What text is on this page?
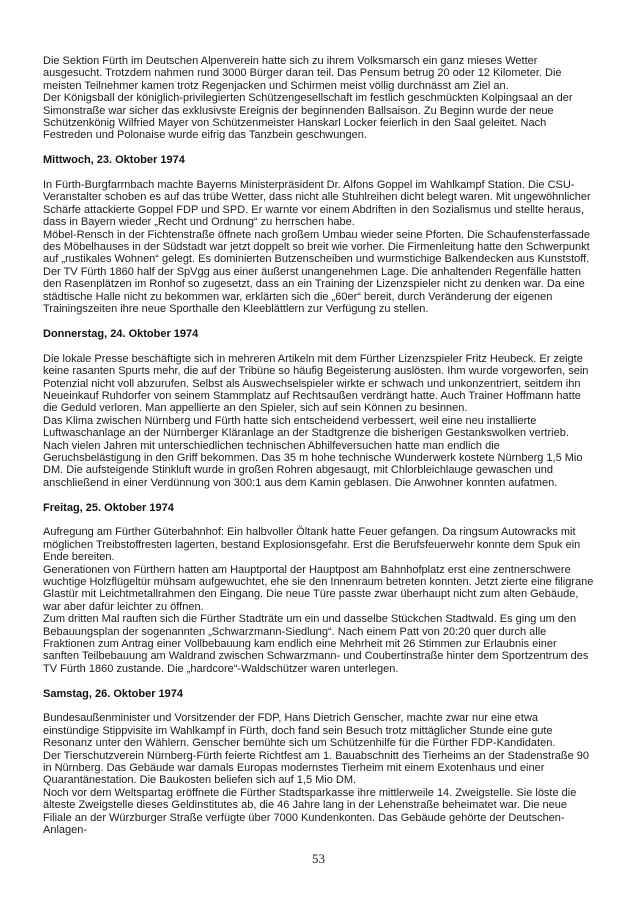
Die Sektion Fürth im Deutschen Alpenverein hatte sich zu ihrem Volksmarsch ein ganz mieses Wetter ausgesucht. Trotzdem nahmen rund 3000 Bürger daran teil. Das Pensum betrug 20 oder 12 Kilometer. Die meisten Teilnehmer kamen trotz Regenjacken und Schirmen meist völlig durchnässt am Ziel an.

Der Königsball der königlich-privilegierten Schützengesellschaft im festlich geschmückten Kolpingsaal an der Simonstraße war sicher das exklusivste Ereignis der beginnenden Ballsaison. Zu Beginn wurde der neue Schützenkönig Wilfried Mayer von Schützenmeister Hanskarl Locker feierlich in den Saal geleitet. Nach Festreden und Polonaise wurde eifrig das Tanzbein geschwungen.

Mittwoch, 23. Oktober 1974

In Fürth-Burgfarrnbach machte Bayerns Ministerpräsident Dr. Alfons Goppel im Wahlkampf Station. Die CSU-Veranstalter schoben es auf das trübe Wetter, dass nicht alle Stuhlreihen dicht belegt waren. Mit ungewöhnlicher Schärfe attackierte Goppel FDP und SPD. Er warnte vor einem Abdriften in den Sozialismus und stellte heraus, dass in Bayern wieder „Recht und Ordnung“ zu herrschen habe.

Möbel-Rensch in der Fichtenstraße öffnete nach großem Umbau wieder seine Pforten. Die Schaufensterfassade des Möbelhauses in der Südstadt war jetzt doppelt so breit wie vorher. Die Firmenleitung hatte den Schwerpunkt auf „rustikales Wohnen“ gelegt. Es dominierten Butzenscheiben und wurmstichige Balkendecken aus Kunststoff.

Der TV Fürth 1860 half der SpVgg aus einer äußerst unangenehmen Lage. Die anhaltenden Regenfälle hatten den Rasenplätzen im Ronhof so zugesetzt, dass an ein Training der Lizenzspieler nicht zu denken war. Da eine städtische Halle nicht zu bekommen war, erklärten sich die „60er“ bereit, durch Veränderung der eigenen Trainingszeiten ihre neue Sporthalle den Kleeblättlern zur Verfügung zu stellen.

Donnerstag, 24. Oktober 1974

Die lokale Presse beschäftigte sich in mehreren Artikeln mit dem Fürther Lizenzspieler Fritz Heubeck. Er zeigte keine rasanten Spurts mehr, die auf der Tribüne so häufig Begeisterung auslösten. Ihm wurde vorgeworfen, sein Potenzial nicht voll abzurufen. Selbst als Auswechselspieler wirkte er schwach und unkonzentriert, seitdem ihn Neueinkauf Ruhdorfer von seinem Stammplatz auf Rechtsaußen verdrängt hatte. Auch Trainer Hoffmann hatte die Geduld verloren. Man appellierte an den Spieler, sich auf sein Können zu besinnen.

Das Klima zwischen Nürnberg und Fürth hatte sich entscheidend verbessert, weil eine neu installierte Luftwaschanlage an der Nürnberger Kläranlage an der Stadtgrenze die bisherigen Gestankswolken vertrieb. Nach vielen Jahren mit unterschiedlichen technischen Abhilfeversuchen hatte man endlich die Geruchsbelästigung in den Griff bekommen. Das 35 m hohe technische Wunderwerk kostete Nürnberg 1,5 Mio DM. Die aufsteigende Stinkluft wurde in großen Rohren abgesaugt, mit Chlorbleichlauge gewaschen und anschließend in einer Verdünnung von 300:1 aus dem Kamin geblasen. Die Anwohner konnten aufatmen.

Freitag, 25. Oktober 1974

Aufregung am Fürther Güterbahnhof: Ein halbvoller Öltank hatte Feuer gefangen. Da ringsum Autowracks mit möglichen Treibstoffresten lagerten, bestand Explosionsgefahr. Erst die Berufsfeuerwehr konnte dem Spuk ein Ende bereiten.

Generationen von Fürthern hatten am Hauptportal der Hauptpost am Bahnhofplatz erst eine zentnerschwere wuchtige Holzflügeltür mühsam aufgewuchtet, ehe sie den Innenraum betreten konnten. Jetzt zierte eine filigrane Glastür mit Leichtmetallrahmen den Eingang. Die neue Türe passte zwar überhaupt nicht zum alten Gebäude, war aber dafür leichter zu öffnen.

Zum dritten Mal rauften sich die Fürther Stadträte um ein und dasselbe Stückchen Stadtwald. Es ging um den Bebauungsplan der sogenannten „Schwarzmann-Siedlung“. Nach einem Patt von 20:20 quer durch alle Fraktionen zum Antrag einer Vollbebauung kam endlich eine Mehrheit mit 26 Stimmen zur Erlaubnis einer sanften Teilbebauung am Waldrand zwischen Schwarzmann- und Coubertinstraße hinter dem Sportzentrum des TV Fürth 1860 zustande. Die „hardcore“-Waldschützer waren unterlegen.

Samstag, 26. Oktober 1974

Bundesaußenminister und Vorsitzender der FDP, Hans Dietrich Genscher, machte zwar nur eine etwa einstündige Stippvisite im Wahlkampf in Fürth, doch fand sein Besuch trotz mittäglicher Stunde eine gute Resonanz unter den Wählern. Genscher bemühte sich um Schützenhilfe für die Fürther FDP-Kandidaten.

Der Tierschutzverein Nürnberg-Fürth feierte Richtfest am 1. Bauabschnitt des Tierheims an der Stadenstraße 90 in Nürnberg. Das Gebäude war damals Europas modernstes Tierheim mit einem Exotenhaus und einer Quarantänestation. Die Baukosten beliefen sich auf 1,5 Mio DM.

Noch vor dem Weltspartag eröffnete die Fürther Stadtsparkasse ihre mittlerweile 14. Zweigstelle. Sie löste die älteste Zweigstelle dieses Geldinstitutes ab, die 46 Jahre lang in der Lehenstraße beheimatet war. Die neue Filiale an der Würzburger Straße verfügte über 7000 Kundenkonten. Das Gebäude gehörte der Deutschen-Anlagen-

53
